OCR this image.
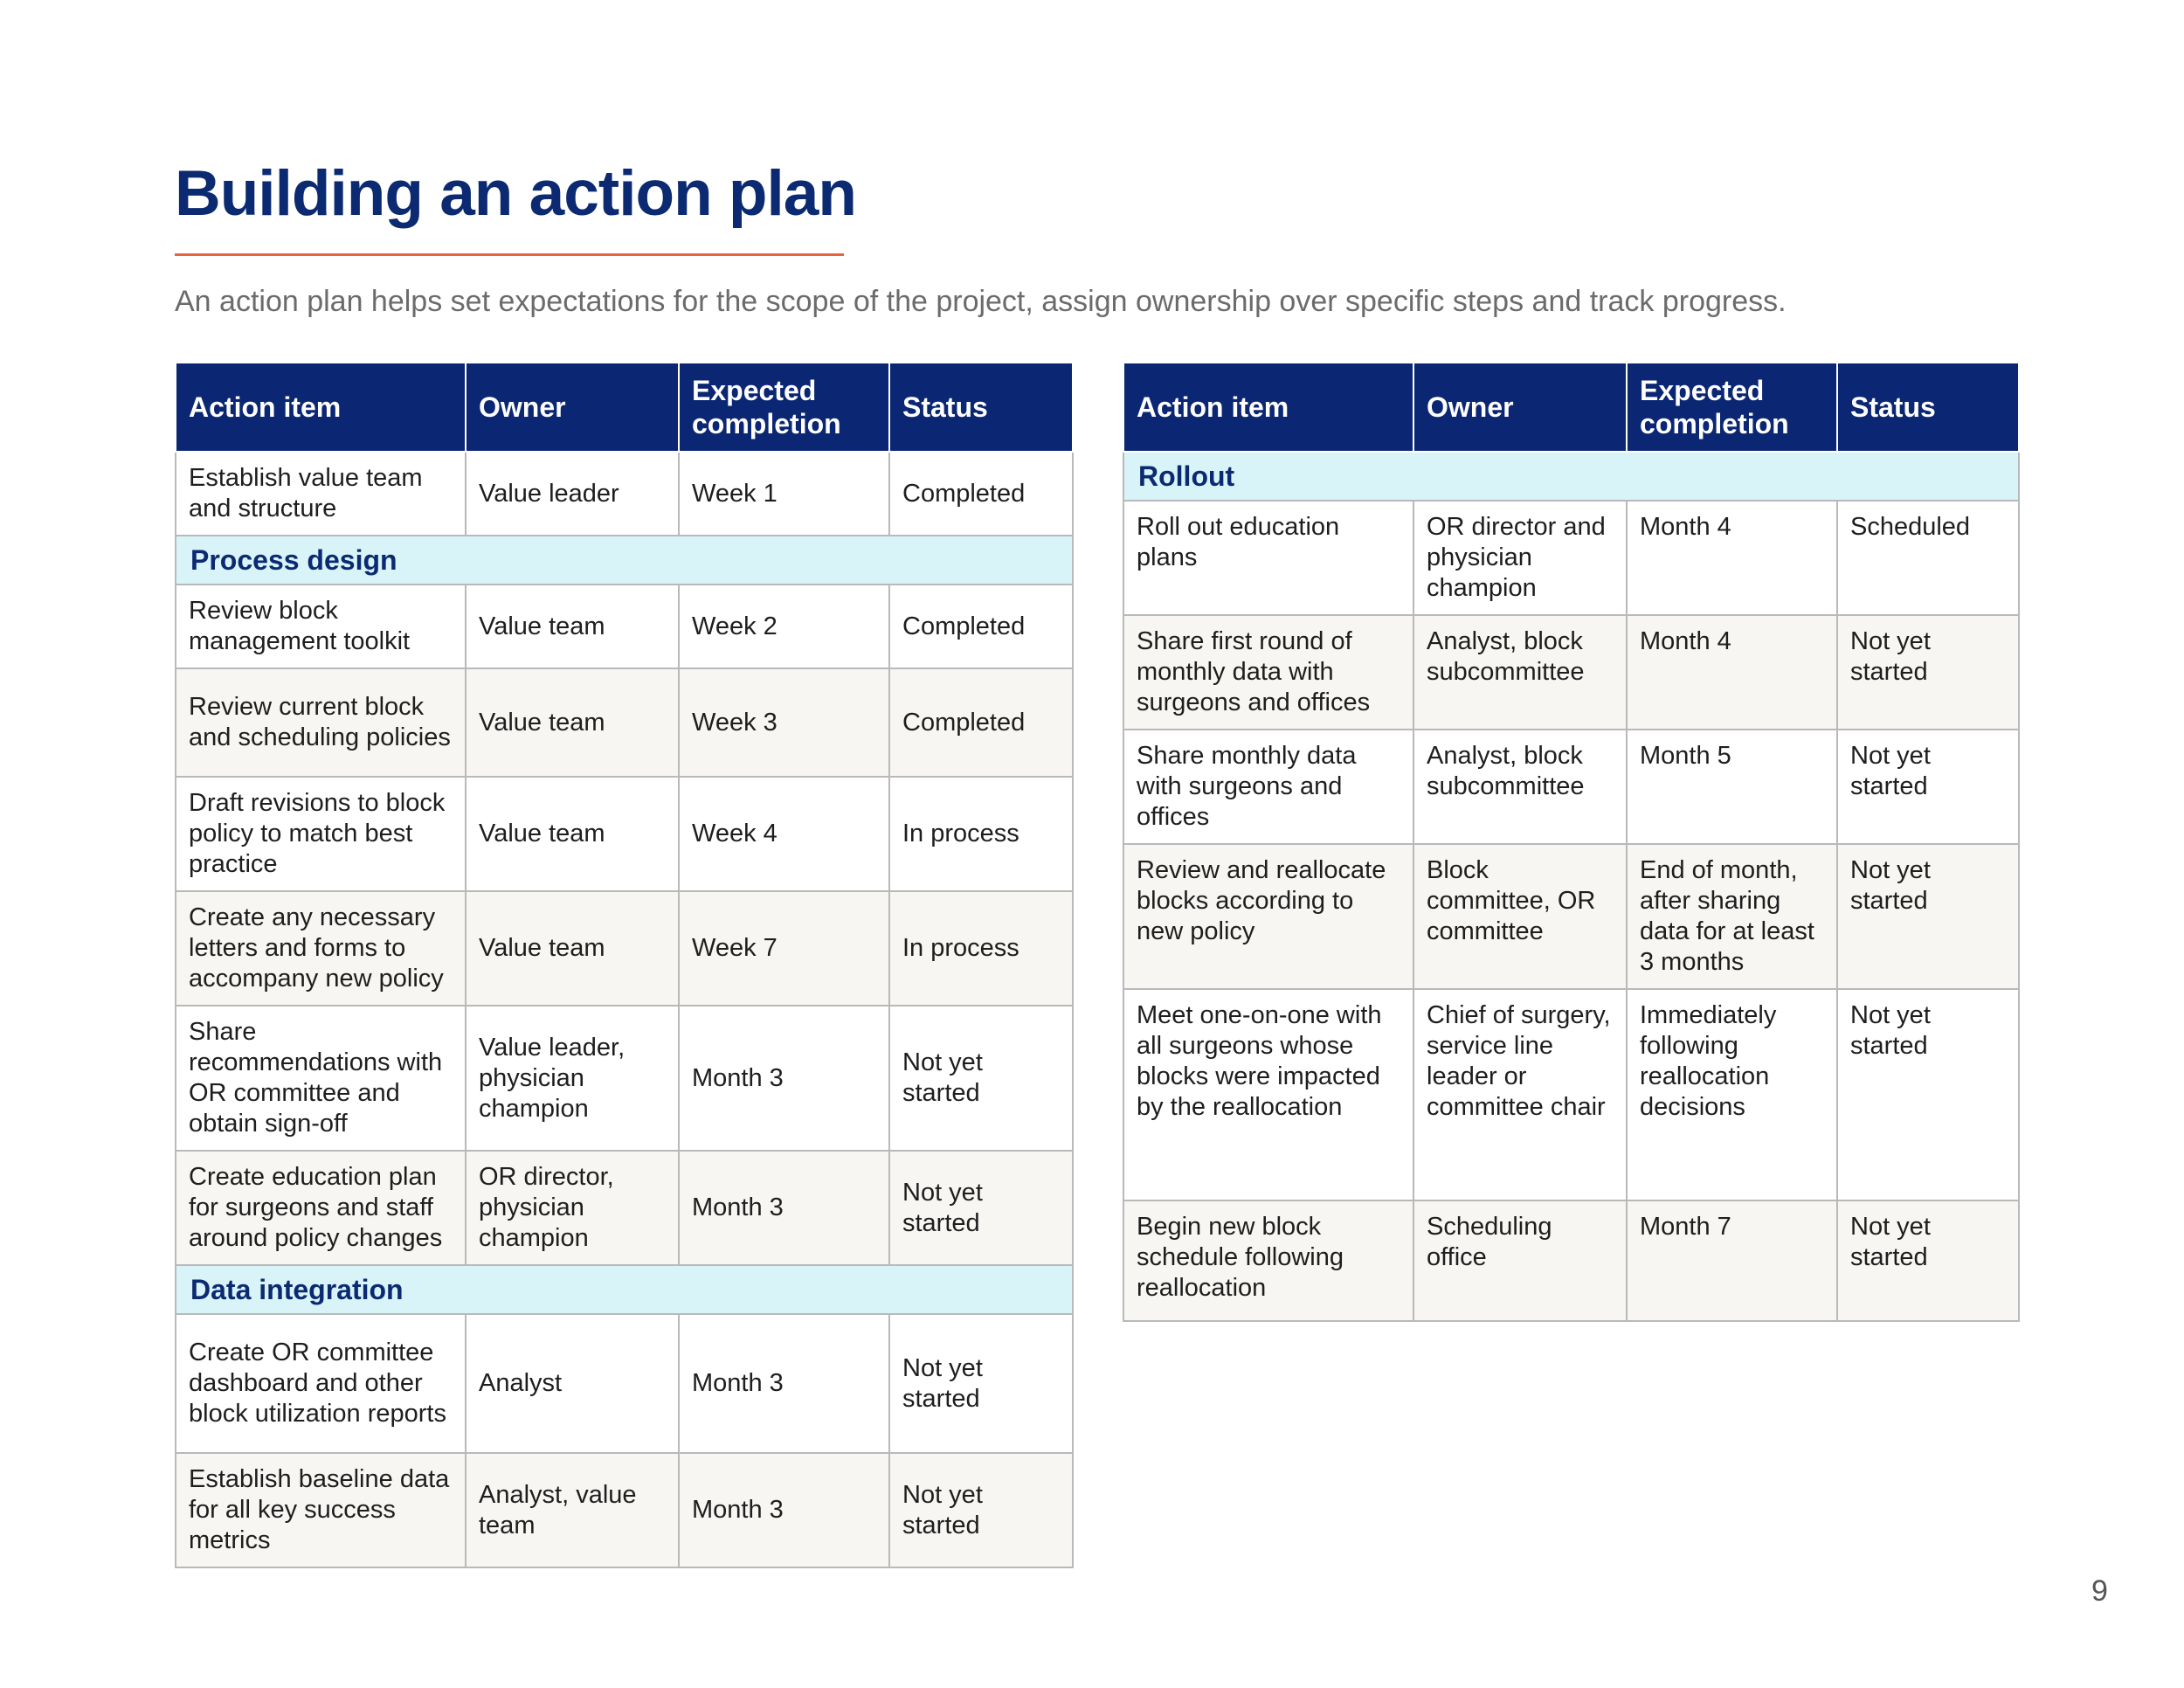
Building an action plan

An action plan helps set expectations for the scope of the project, assign ownership over specific steps and track progress.

Action item	Owner	Expected completion	Status
Establish value team and structure	Value leader	Week 1	Completed
Process design			
Review block management toolkit	Value team	Week 2	Completed
Review current block and scheduling policies	Value team	Week 3	Completed
Draft revisions to block policy to match best practice	Value team	Week 4	In process
Create any necessary letters and forms to accompany new policy	Value team	Week 7	In process
Share recommendations with OR committee and obtain sign-off	Value leader, physician champion	Month 3	Not yet started
Create education plan for surgeons and staff around policy changes	OR director, physician champion	Month 3	Not yet started
Data integration			
Create OR committee dashboard and other block utilization reports	Analyst	Month 3	Not yet started
Establish baseline data for all key success metrics	Analyst, value team	Month 3	Not yet started
Action item	Owner	Expected completion	Status
Rollout			
Roll out education plans	OR director and physician champion	Month 4	Scheduled
Share first round of monthly data with surgeons and offices	Analyst, block subcommittee	Month 4	Not yet started
Share monthly data with surgeons and offices	Analyst, block subcommittee	Month 5	Not yet started
Review and reallocate blocks according to new policy	Block committee, OR committee	End of month, after sharing data for at least 3 months	Not yet started
Meet one-on-one with all surgeons whose blocks were impacted by the reallocation	Chief of surgery, service line leader or committee chair	Immediately following reallocation decisions	Not yet started
Begin new block schedule following reallocation	Scheduling office	Month 7	Not yet started
9
